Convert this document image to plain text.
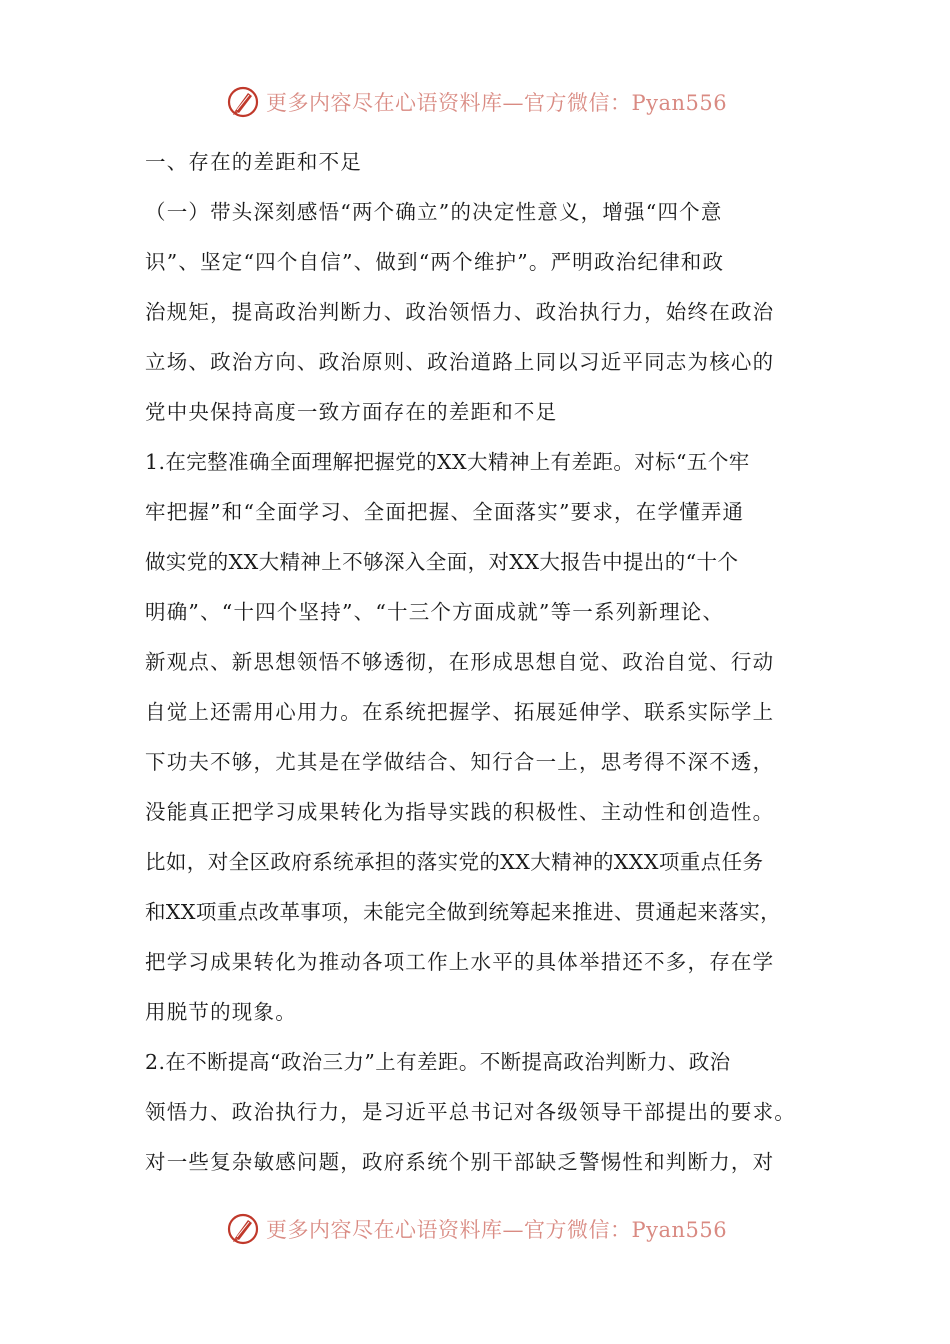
更多内容尽在心语资料库—官方微信：Pyan556
一、存在的差距和不足
（一）带头深刻感悟“两个确立”的决定性意义，增强“四个意
识”、坚定“四个自信”、做到“两个维护”。严明政治纪律和政
治规矩，提高政治判断力、政治领悟力、政治执行力，始终在政治
立场、政治方向、政治原则、政治道路上同以习近平同志为核心的
党中央保持高度一致方面存在的差距和不足
1.在完整准确全面理解把握党的XX大精神上有差距。对标“五个牢
牢把握”和“全面学习、全面把握、全面落实”要求，在学懂弄通
做实党的XX大精神上不够深入全面，对XX大报告中提出的“十个
明确”、“十四个坚持”、“十三个方面成就”等一系列新理论、
新观点、新思想领悟不够透彻，在形成思想自觉、政治自觉、行动
自觉上还需用心用力。在系统把握学、拓展延伸学、联系实际学上
下功夫不够，尤其是在学做结合、知行合一上，思考得不深不透，
没能真正把学习成果转化为指导实践的积极性、主动性和创造性。
比如，对全区政府系统承担的落实党的XX大精神的XXX项重点任务
和XX项重点改革事项，未能完全做到统筹起来推进、贯通起来落实，
把学习成果转化为推动各项工作上水平的具体举措还不多，存在学
用脱节的现象。
2.在不断提高“政治三力”上有差距。不断提高政治判断力、政治
领悟力、政治执行力，是习近平总书记对各级领导干部提出的要求。
对一些复杂敏感问题，政府系统个别干部缺乏警惕性和判断力，对
更多内容尽在心语资料库—官方微信：Pyan556
